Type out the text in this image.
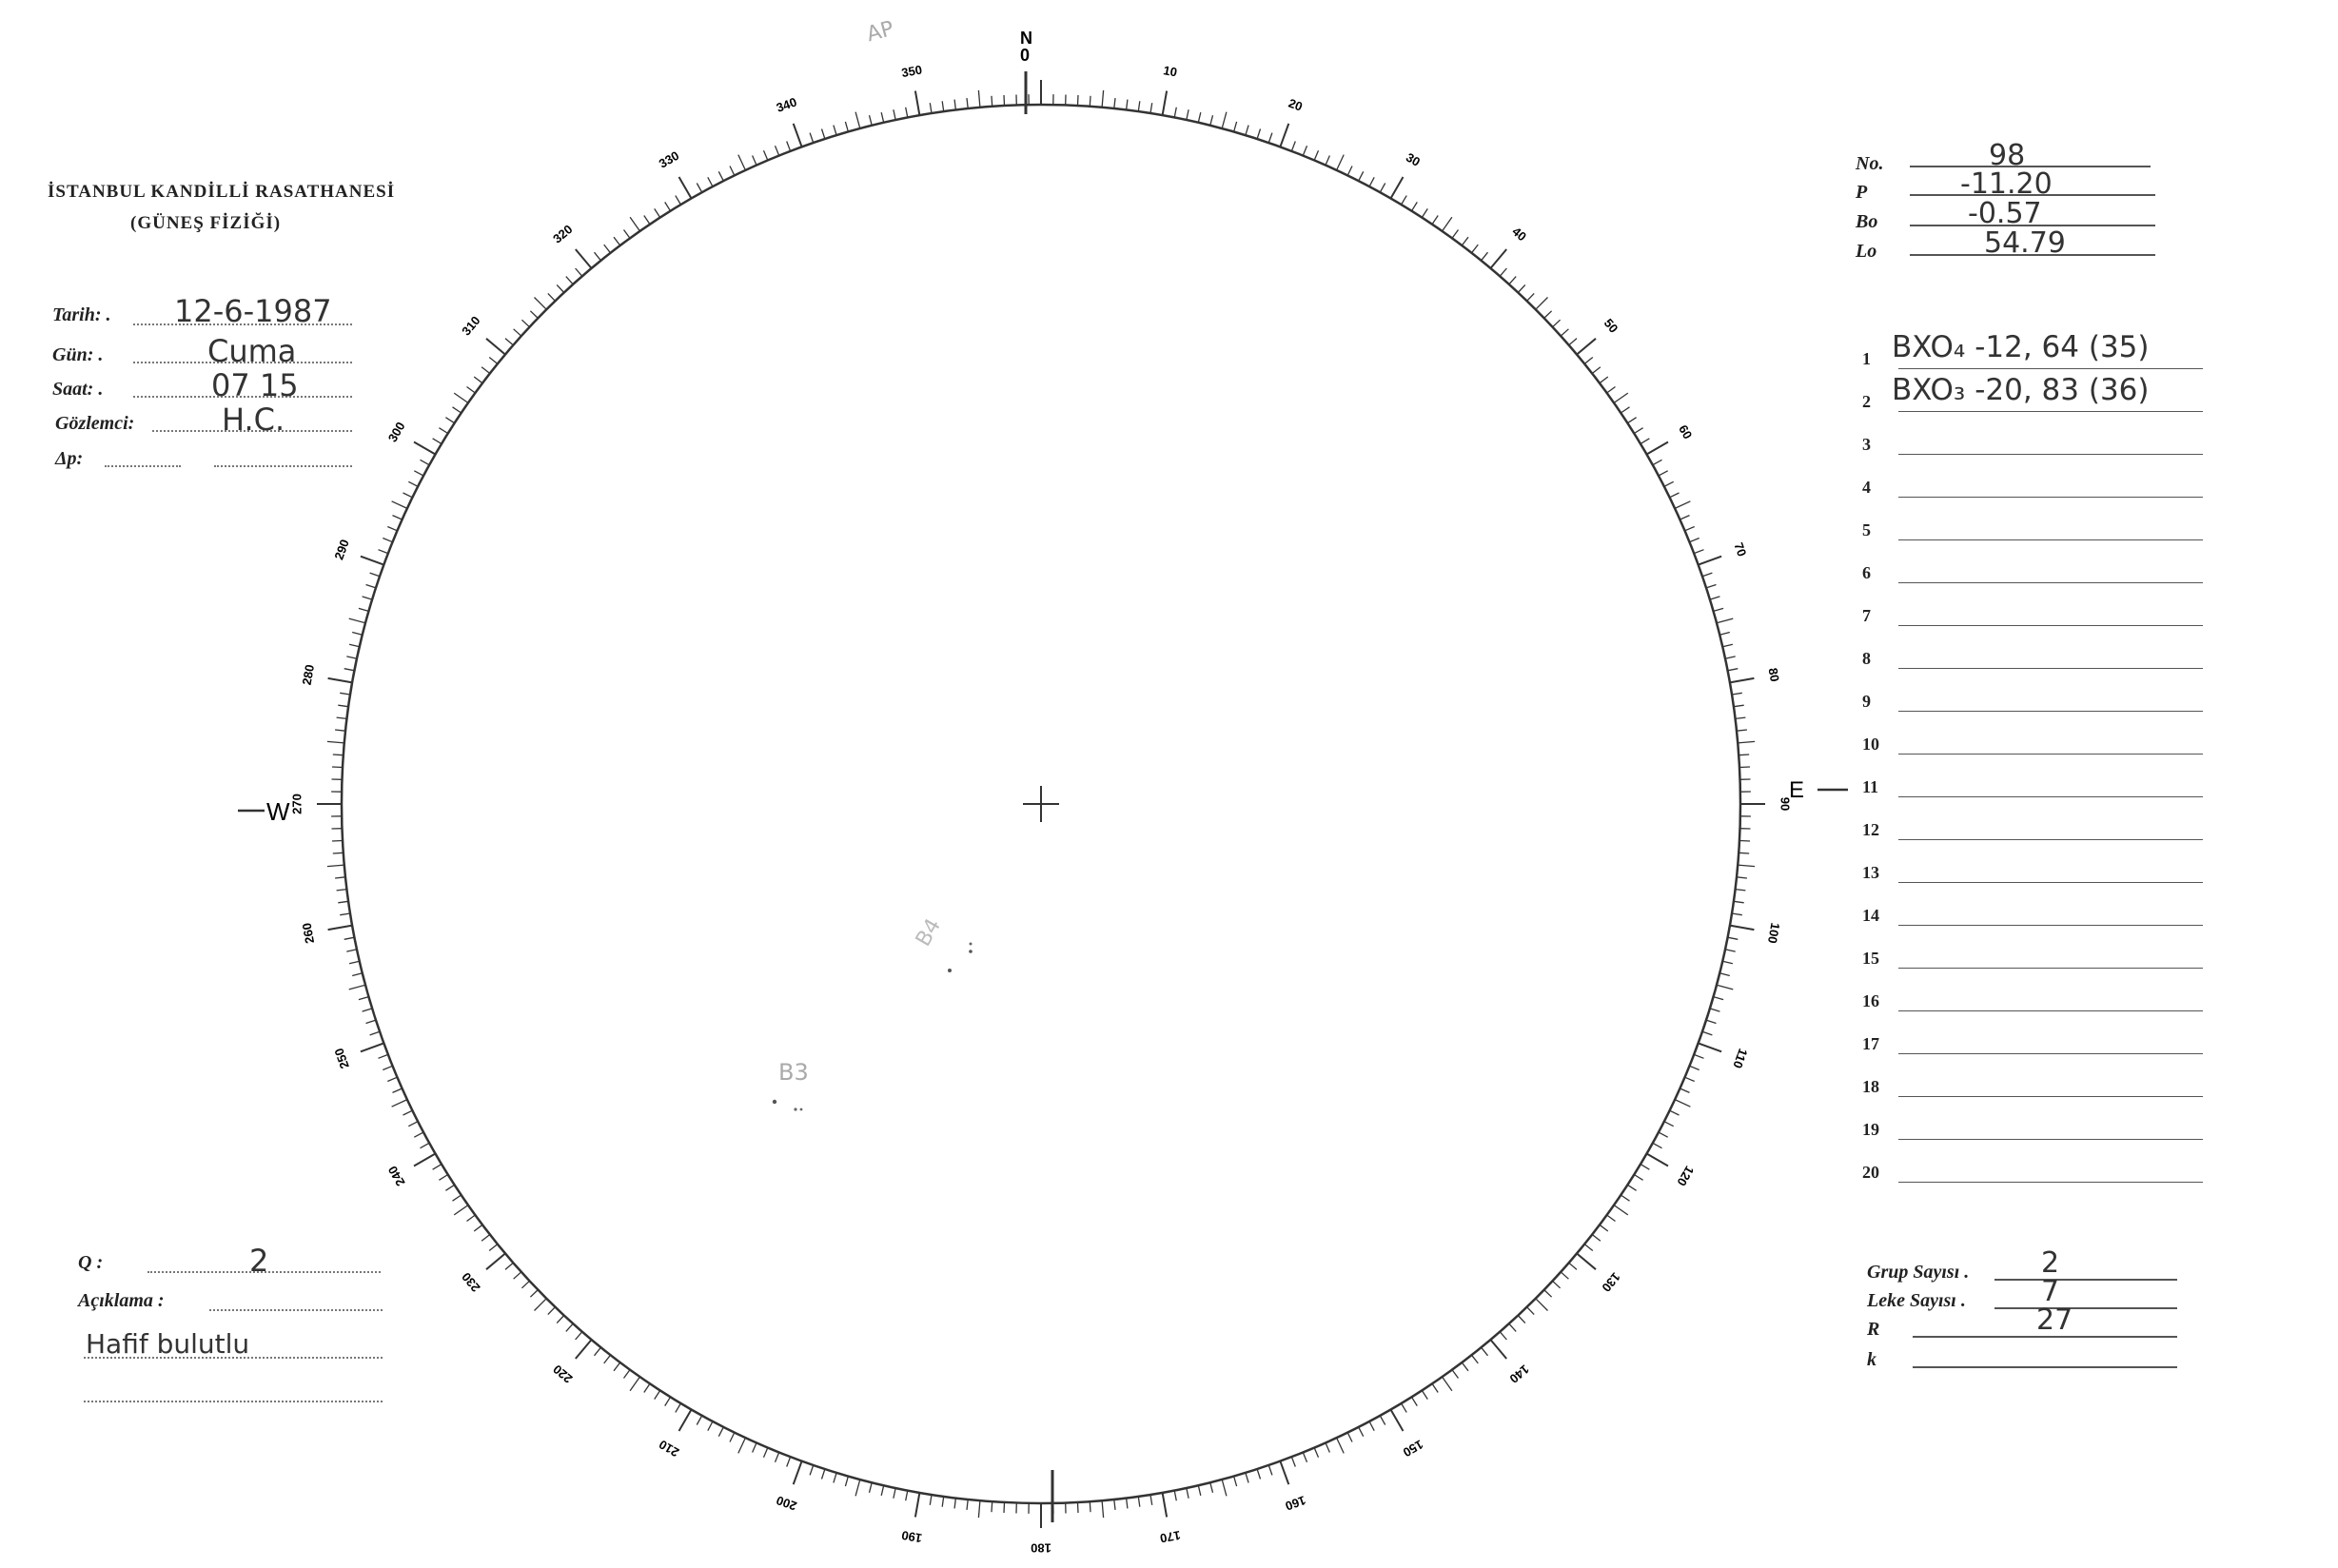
İSTANBUL KANDİLLİ RASATHANESİ
(GÜNEŞ FİZİĞİ)
Tarih: . 12-6-1987
Gün: .	Cuma
Saat: .	07 15
Gözlemci:	H.C.
Δp:
No.	98
P	-11.20
Bo	-0.57
Lo	54.79
1 BXO₄ -12, 64 (35)
2 BXO₃ -20, 83 (36)
3
4
5
6
7
8
9
10
11
12
13
14
15
16
17
18
19
20
Q :	2
Açıklama :
Hafif bulutlu
Grup Sayısı .	2
Leke Sayısı .	7
R	27
k
10
20
30
40
50
60
70
80
90
100
110
120
130
140
150
160
170
180
190
200
210
220
230
240
250
260
270
280
290
300
310
320
330
340
350
N
0
E
W
AP
B4
B3
